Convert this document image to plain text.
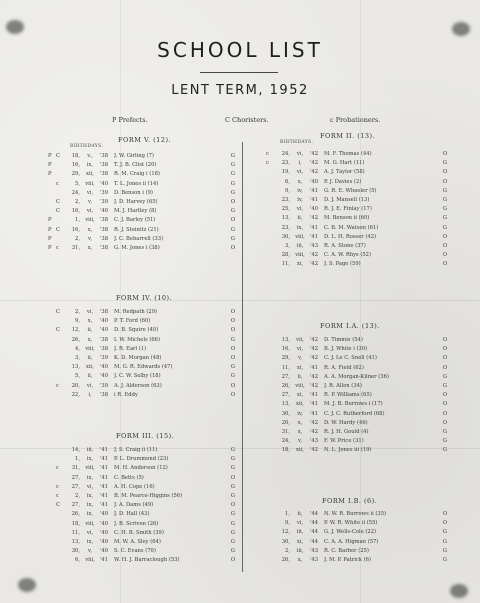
SCHOOL LIST
LENT TERM, 1952
P Prefects.	C Choristers.	c Probationers.
FORM V. (12).
BIRTHDAYS.
P C	18,	v.,	'38	J. W. Girling (7)	G
P	16,	ix,	'38	T. J. B. Clist (20)	G
P	29,	xii,	'38	R. M. Craig i (18)	G
c	5,	viii,	'40	T. L. Jones ii (14)	G
24,	vi,	'39	D. Benson i (9)	G
C	2,	v,	'39	J. D. Harvey (65)	O
C	16,	vi,	'40	M. J. Hartley (8)	G
P	1,	viii,	'38	C. J. Barley (51)	O
P C	16,	x,	'38	R. J. Steinitz (21)	G
P	2,	v,	'38	J. C. Beharrell (33)	G
P c	31,	x,	'38	G. M. Jones i (38)	O
FORM IV. (10).
C	2,	vi,	'38	M. Redpath (29)	O
9,	x,	'40	P. T. Ford (60)	O
C	12,	ii,	'40	D. B. Squire (40)	O
26,	x,	'38	I. W. Michels (66)	G
4,	viii,	'38	J. R. Earl (1)	O
3,	ii,	'39	K. D. Morgan (48)	O
13,	xii,	'40	M. G. R. Edwards (47)	G
5,	ii,	'40	J. C. W. Selby (18)	G
c	20,	vi,	'39	A. J. Alderson (63)	O
22,	i,	'38	i R. Eddy	O
FORM III. (15).
14,	iii,	'41	J. S. Craig ii (11)	G
1,	ix,	'41	P. L. Drummond (23)	G
c	31,	viii,	'41	M. H. Anderson (12)	G
27,	ix,	'41	C. Betts (5)	O
c	27,	vi,	'41	A. H. Cope (16)	G
c	2,	ix,	'41	B. M. Pearce-Higgins (56)	G
C	27,	ix,	'41	J. A. Dams (49)	O
26,	ix,	'40	J. D. Hall (43)	G
18,	viii,	'40	J. B. Scriven (26)	G
11,	vi,	'40	C. H. B. Smith (39)	G
13,	ix,	'40	M. W. A. Sley (64)	G
30,	v,	'40	S. C. Evans (70)	G
6,	viii,	'41	W. H. J. Barraclough (53)	O
FORM II. (13).
BIRTHDAYS.
c	24,	vi,	'42	M. F. Thomas (44)	O
c	23,	i,	'42	M. G. Hart (11)	G
19,	vi,	'42	A. J. Taylor (58)	O
6,	x,	'40	P. J. Davies (2)	O
9,	iv,	'41	G. R. E. Wheeler (5)	G
23,	iv,	'41	D. J. Mansell (13)	G
25,	vi,	'40	R. J. E. Finlay (17)	G
13,	ii,	'42	M. Benson ii (60)	G
23,	ix,	'41	C. B. M. Watson (61)	G
30,	viii,	'41	D. L. H. Rosser (42)	O
3,	iii,	'43	R. A. Stone (37)	O
28,	viii,	'42	C. A. W. Rhys (52)	O
11,	xi,	'42	J. S. Page (59)	O
FORM I.A. (13).
13,	vii,	'42	D. Timmis (54)	O
16,	vi,	'42	B. J. White i (30)	O
29,	v,	'42	C. J. Le C. Snell (41)	O
11,	xi,	'41	R. A. Field (62)	O
27,	ii,	'42	A. A. Morgan-Kilner (36)	G
26,	viii,	'42	J. R. Allen (34)	G
27,	xi,	'41	R. P. Williams (65)	O
13,	xii,	'41	M. J. B. Burrows i (17)	O
30,	iv,	'41	C. J. C. Rutherford (68)	O
20,	x,	'42	D. W. Hardy (46)	O
31,	x,	'42	R. J. H. Gould (4)	G
24,	v,	'43	F. W. Price (31)	G
18,	xii,	'42	N. L. Jones iii (19)	G
FORM I.B. (6).
1,	ii,	'44	N. W. R. Burrows ii (35)	O
9,	vi,	'44	P. W. R. White ii (55)	O
12,	iii,	'44	G. J. Wells-Cole (22)	G
30,	xi,	'44	C. A. A. Higman (57)	G
2,	iii,	'43	R. C. Barber (25)	G
26,	x,	'43	J. M. P. Patrick (6)	G
